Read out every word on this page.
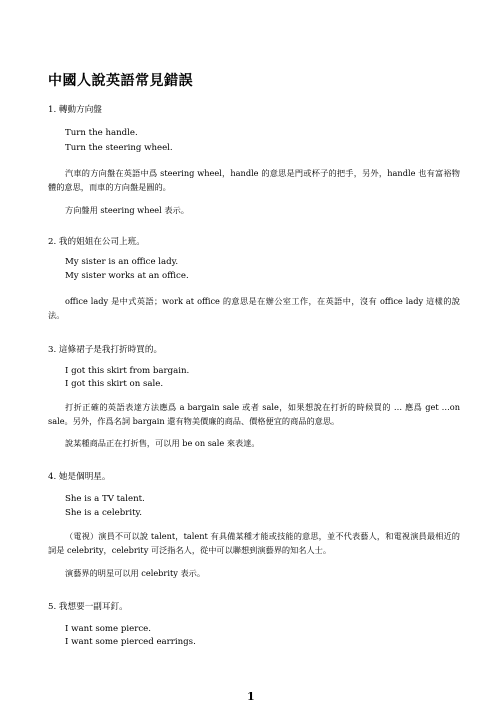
中國人說英語常見錯誤
1. 轉動方向盤
Turn the handle.
Turn the steering wheel.
汽車的方向盤在英語中爲 steering wheel，handle 的意思是門或杯子的把手，另外，handle 也有富裕物體的意思，而車的方向盤是圓的。
方向盤用 steering wheel 表示。
2. 我的姐姐在公司上班。
My sister is an office lady.
My sister works at an office.
office lady 是中式英語；work at office 的意思是在辦公室工作，在英語中，沒有 office lady 這樣的說法。
3. 這條裙子是我打折時買的。
I got this skirt from bargain.
I got this skirt on sale.
打折正確的英語表達方法應爲 a bargain sale 或者 sale，如果想說在打折的時候買的 … 應爲 get …on sale。另外，作爲名詞 bargain 還有物美價廉的商品、價格便宜的商品的意思。
說某種商品正在打折售，可以用 be on sale 來表達。
4. 她是個明星。
She is a TV talent.
She is a celebrity.
（電視）演員不可以說 talent，talent 有具備某種才能或技能的意思，並不代表藝人，和電視演員最相近的詞是 celebrity，celebrity 可泛指名人，從中可以聯想到演藝界的知名人士。
演藝界的明星可以用 celebrity 表示。
5. 我想要一副耳釘。
I want some pierce.
I want some pierced earrings.
1
